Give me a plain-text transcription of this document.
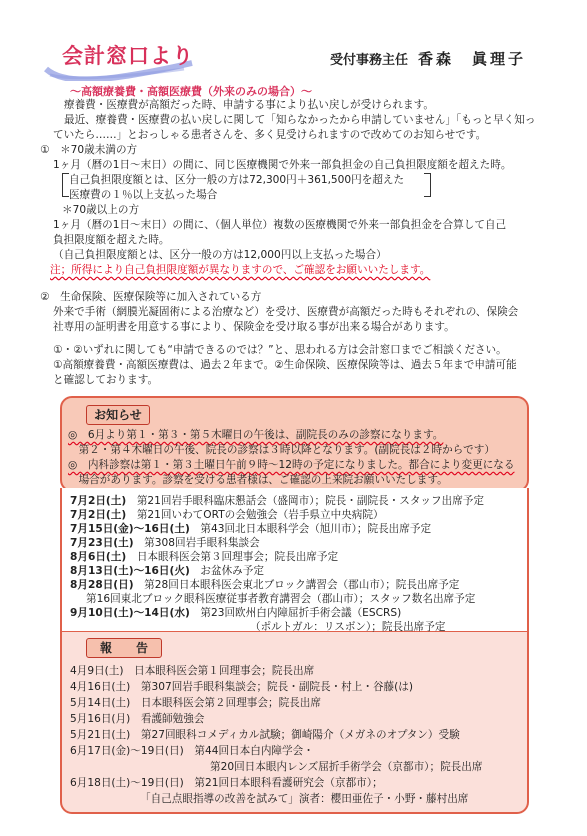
会計窓口より	受付事務主任 香森　眞理子
～高額療養費・高額医療費（外来のみの場合）～
療養費・医療費が高額だった時、申請する事により払い戻しが受けられます。
最近、療養費・医療費の払い戻しに関して「知らなかったから申請していません」「もっと早く知っ
ていたら……」とおっしゃる患者さんを、多く見受けられますので改めてのお知らせです。
①　＊70歳未満の方
1ヶ月（暦の1日～末日）の間に、同じ医療機関で外来一部負担金の自己負担限度額を超えた時。
自己負担限度額とは、区分一般の方は72,300円＋361,500円を超えた
医療費の１％以上支払った場合
＊70歳以上の方
1ヶ月（暦の1日～末日）の間に、（個人単位）複数の医療機関で外来一部負担金を合算して自己
負担限度額を超えた時。
（自己負担限度額とは、区分一般の方は12,000円以上支払った場合）
注；所得により自己負担限度額が異なりますので、ご確認をお願いいたします。
②　生命保険、医療保険等に加入されている方
外来で手術（網膜光凝固術による治療など）を受け、医療費が高額だった時もそれぞれの、保険会
社専用の証明書を用意する事により、保険金を受け取る事が出来る場合があります。
①・②いずれに関しても“申請できるのでは？”と、思われる方は会計窓口までご相談ください。
①高額療養費・高額医療費は、過去２年まで。②生命保険、医療保険等は、過去５年まで申請可能
と確認しております。
お知らせ
◎　6月より第１・第３・第５木曜日の午後は、副院長のみの診察になります。
　第２・第４木曜日の午後、院長の診察は３時以降となります。(副院長は２時からです）
◎　内科診察は第１・第３土曜日午前９時～12時の予定になりました。都合により変更になる
　場合があります。診察を受ける患者様は、ご確認の上来院お願いいたします。
7月2日(土)　 第21回岩手眼科臨床懇話会（盛岡市）；院長・副院長・スタッフ出席予定
7月2日(土)　 第21回いわてORTの会勉強会（岩手県立中央病院）
7月15日(金)～16日(土)　 第43回北日本眼科学会（旭川市）；院長出席予定
7月23日(土)　 第308回岩手眼科集談会
8月6日(土)　 日本眼科医会第３回理事会；院長出席予定
8月13日(土)～16日(火)　 お盆休み予定
8月28日(日)　 第28回日本眼科医会東北ブロック講習会（郡山市）；院長出席予定
第16回東北ブロック眼科医療従事者教育講習会（郡山市）；スタッフ数名出席予定
9月10日(土)～14日(水)　 第23回欧州白内障屈折手術会議（ESCRS)
（ポルトガル：リスボン）；院長出席予定
報　　告
4月9日(土)　 日本眼科医会第１回理事会；院長出席
4月16日(土)　 第307回岩手眼科集談会；院長・副院長・村上・谷藤(は)
5月14日(土)　 日本眼科医会第２回理事会；院長出席
5月16日(月)　 看護師勉強会
5月21日(土)　 第27回眼科コメディカル試験；御崎陽介（メガネのオプタン）受験
6月17日(金)～19日(日)　 第44回日本白内障学会・
第20回日本眼内レンズ屈折手術学会（京都市）；院長出席
6月18日(土)～19日(日)　 第21回日本眼科看護研究会（京都市）；
「自己点眼指導の改善を試みて」演者：櫻田亜佐子・小野・藤村出席
